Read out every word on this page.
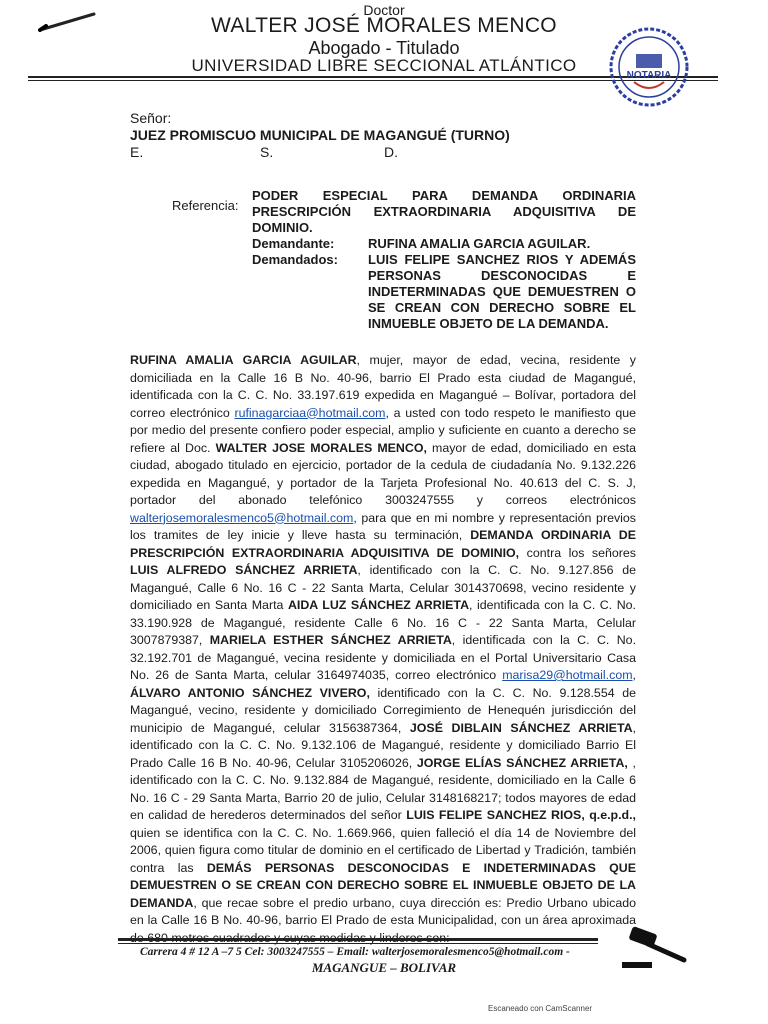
Doctor
WALTER JOSÉ MORALES MENCO
Abogado - Titulado
UNIVERSIDAD LIBRE SECCIONAL ATLÁNTICO
NOTARIA
Señor:
JUEZ PROMISCUO MUNICIPAL DE MAGANGUÉ (TURNO)
E.	S.	D.
Referencia:
PODER ESPECIAL PARA DEMANDA ORDINARIA PRESCRIPCIÓN EXTRAORDINARIA ADQUISITIVA DE DOMINIO.
Demandante:	RUFINA AMALIA GARCIA AGUILAR.
Demandados:	LUIS FELIPE SANCHEZ RIOS Y ADEMÁS PERSONAS DESCONOCIDAS E INDETERMINADAS QUE DEMUESTREN O SE CREAN CON DERECHO SOBRE EL INMUEBLE OBJETO DE LA DEMANDA.
RUFINA AMALIA GARCIA AGUILAR, mujer, mayor de edad, vecina, residente y domiciliada en la Calle 16 B No. 40-96, barrio El Prado esta ciudad de Magangué, identificada con la C. C. No. 33.197.619 expedida en Magangué – Bolívar, portadora del correo electrónico rufinagarciaa@hotmail.com, a usted con todo respeto le manifiesto que por medio del presente confiero poder especial, amplio y suficiente en cuanto a derecho se refiere al Doc. WALTER JOSE MORALES MENCO, mayor de edad, domiciliado en esta ciudad, abogado titulado en ejercicio, portador de la cedula de ciudadanía No. 9.132.226 expedida en Magangué, y portador de la Tarjeta Profesional No. 40.613 del C. S. J, portador del abonado telefónico 3003247555 y correos electrónicos walterjosemoralesmenco5@hotmail.com, para que en mi nombre y representación previos los tramites de ley inicie y lleve hasta su terminación, DEMANDA ORDINARIA DE PRESCRIPCIÓN EXTRAORDINARIA ADQUISITIVA DE DOMINIO, contra los señores LUIS ALFREDO SÁNCHEZ ARRIETA, identificado con la C. C. No. 9.127.856 de Magangué, Calle 6 No. 16 C - 22 Santa Marta, Celular 3014370698, vecino residente y domiciliado en Santa Marta AIDA LUZ SÁNCHEZ ARRIETA, identificada con la C. C. No. 33.190.928 de Magangué, residente Calle 6 No. 16 C - 22 Santa Marta, Celular 3007879387, MARIELA ESTHER SÁNCHEZ ARRIETA, identificada con la C. C. No. 32.192.701 de Magangué, vecina residente y domiciliada en el Portal Universitario Casa No. 26 de Santa Marta, celular 3164974035, correo electrónico marisa29@hotmail.com, ÁLVARO ANTONIO SÁNCHEZ VIVERO, identificado con la C. C. No. 9.128.554 de Magangué, vecino, residente y domiciliado Corregimiento de Henequén jurisdicción del municipio de Magangué, celular 3156387364, JOSÉ DIBLAIN SÁNCHEZ ARRIETA, identificado con la C. C. No. 9.132.106 de Magangué, residente y domiciliado Barrio El Prado Calle 16 B No. 40-96, Celular 3105206026, JORGE ELÍAS SÁNCHEZ ARRIETA, , identificado con la C. C. No. 9.132.884 de Magangué, residente, domiciliado en la Calle 6 No. 16 C - 29 Santa Marta, Barrio 20 de julio, Celular 3148168217; todos mayores de edad en calidad de herederos determinados del señor LUIS FELIPE SANCHEZ RIOS, q.e.p.d., quien se identifica con la C. C. No. 1.669.966, quien falleció el día 14 de Noviembre del 2006, quien figura como titular de dominio en el certificado de Libertad y Tradición, también contra las DEMÁS PERSONAS DESCONOCIDAS E INDETERMINADAS QUE DEMUESTREN O SE CREAN CON DERECHO SOBRE EL INMUEBLE OBJETO DE LA DEMANDA, que recae sobre el predio urbano, cuya dirección es: Predio Urbano ubicado en la Calle 16 B No. 40-96, barrio El Prado de esta Municipalidad, con un área aproximada
Carrera 4 # 12 A –7 5 Cel: 3003247555 – Email: walterjosemoralesmenco5@hotmail.com -
MAGANGUE – BOLIVAR
Escaneado con CamScanner
